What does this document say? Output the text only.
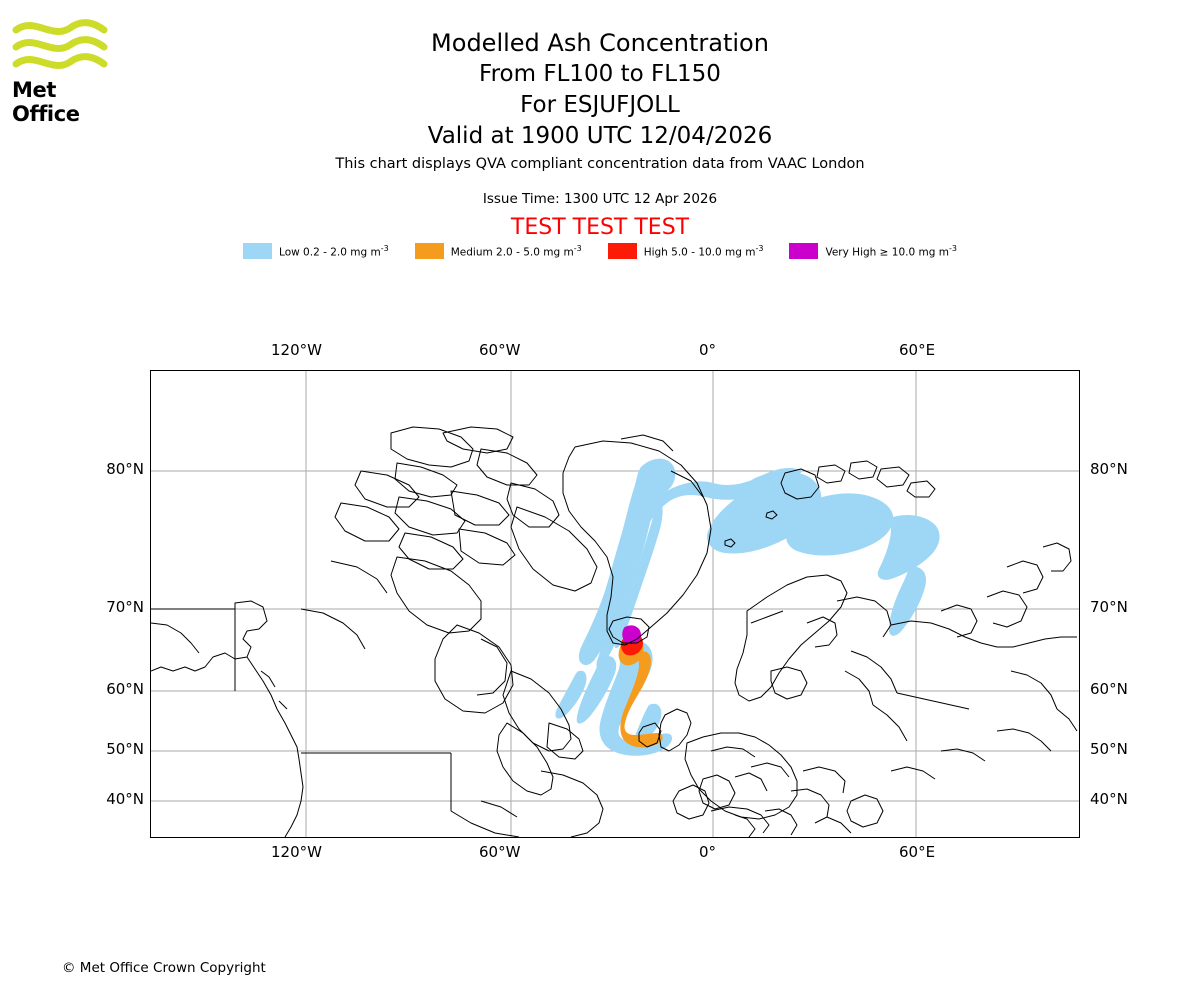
Met Office
Modelled Ash Concentration
From FL100 to FL150
For ESJUFJOLL
Valid at 1900 UTC 12/04/2026
This chart displays QVA compliant concentration data from VAAC London
Issue Time: 1300 UTC 12 Apr 2026
TEST TEST TEST
Low 0.2 - 2.0 mg $m^{-3}$	Medium 2.0 - 5.0 mg $m^{-3}$	High 5.0 - 10.0 mg $m^{-3}$	Very High ≥ 10.0 mg $m^{-3}$
120°W	60°W	0°	60°E
120°W	60°W	0°	60°E
80°N
70°N
60°N
50°N
40°N
80°N
70°N
60°N
50°N
40°N
© Met Office Crown Copyright
